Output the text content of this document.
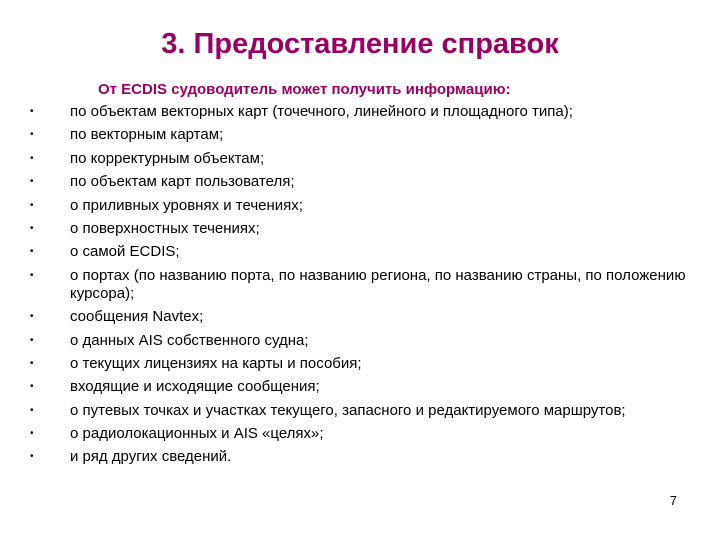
3. Предоставление справок
От ECDIS судоводитель может получить информацию:
•	по объектам векторных карт (точечного, линейного и площадного типа);
•	по векторным картам;
•	по корректурным объектам;
•	по объектам карт пользователя;
•	о приливных уровнях и течениях;
•	о поверхностных течениях;
•	о самой ECDIS;
•	о портах (по названию порта, по названию региона, по названию страны, по положению курсора);
•	сообщения Navtex;
•	о данных AIS собственного судна;
•	о текущих лицензиях на карты и пособия;
•	входящие и исходящие сообщения;
•	о путевых точках и участках текущего, запасного и редактируемого маршрутов;
•	о радиолокационных и AIS «целях»;
•	и ряд других сведений.
7
